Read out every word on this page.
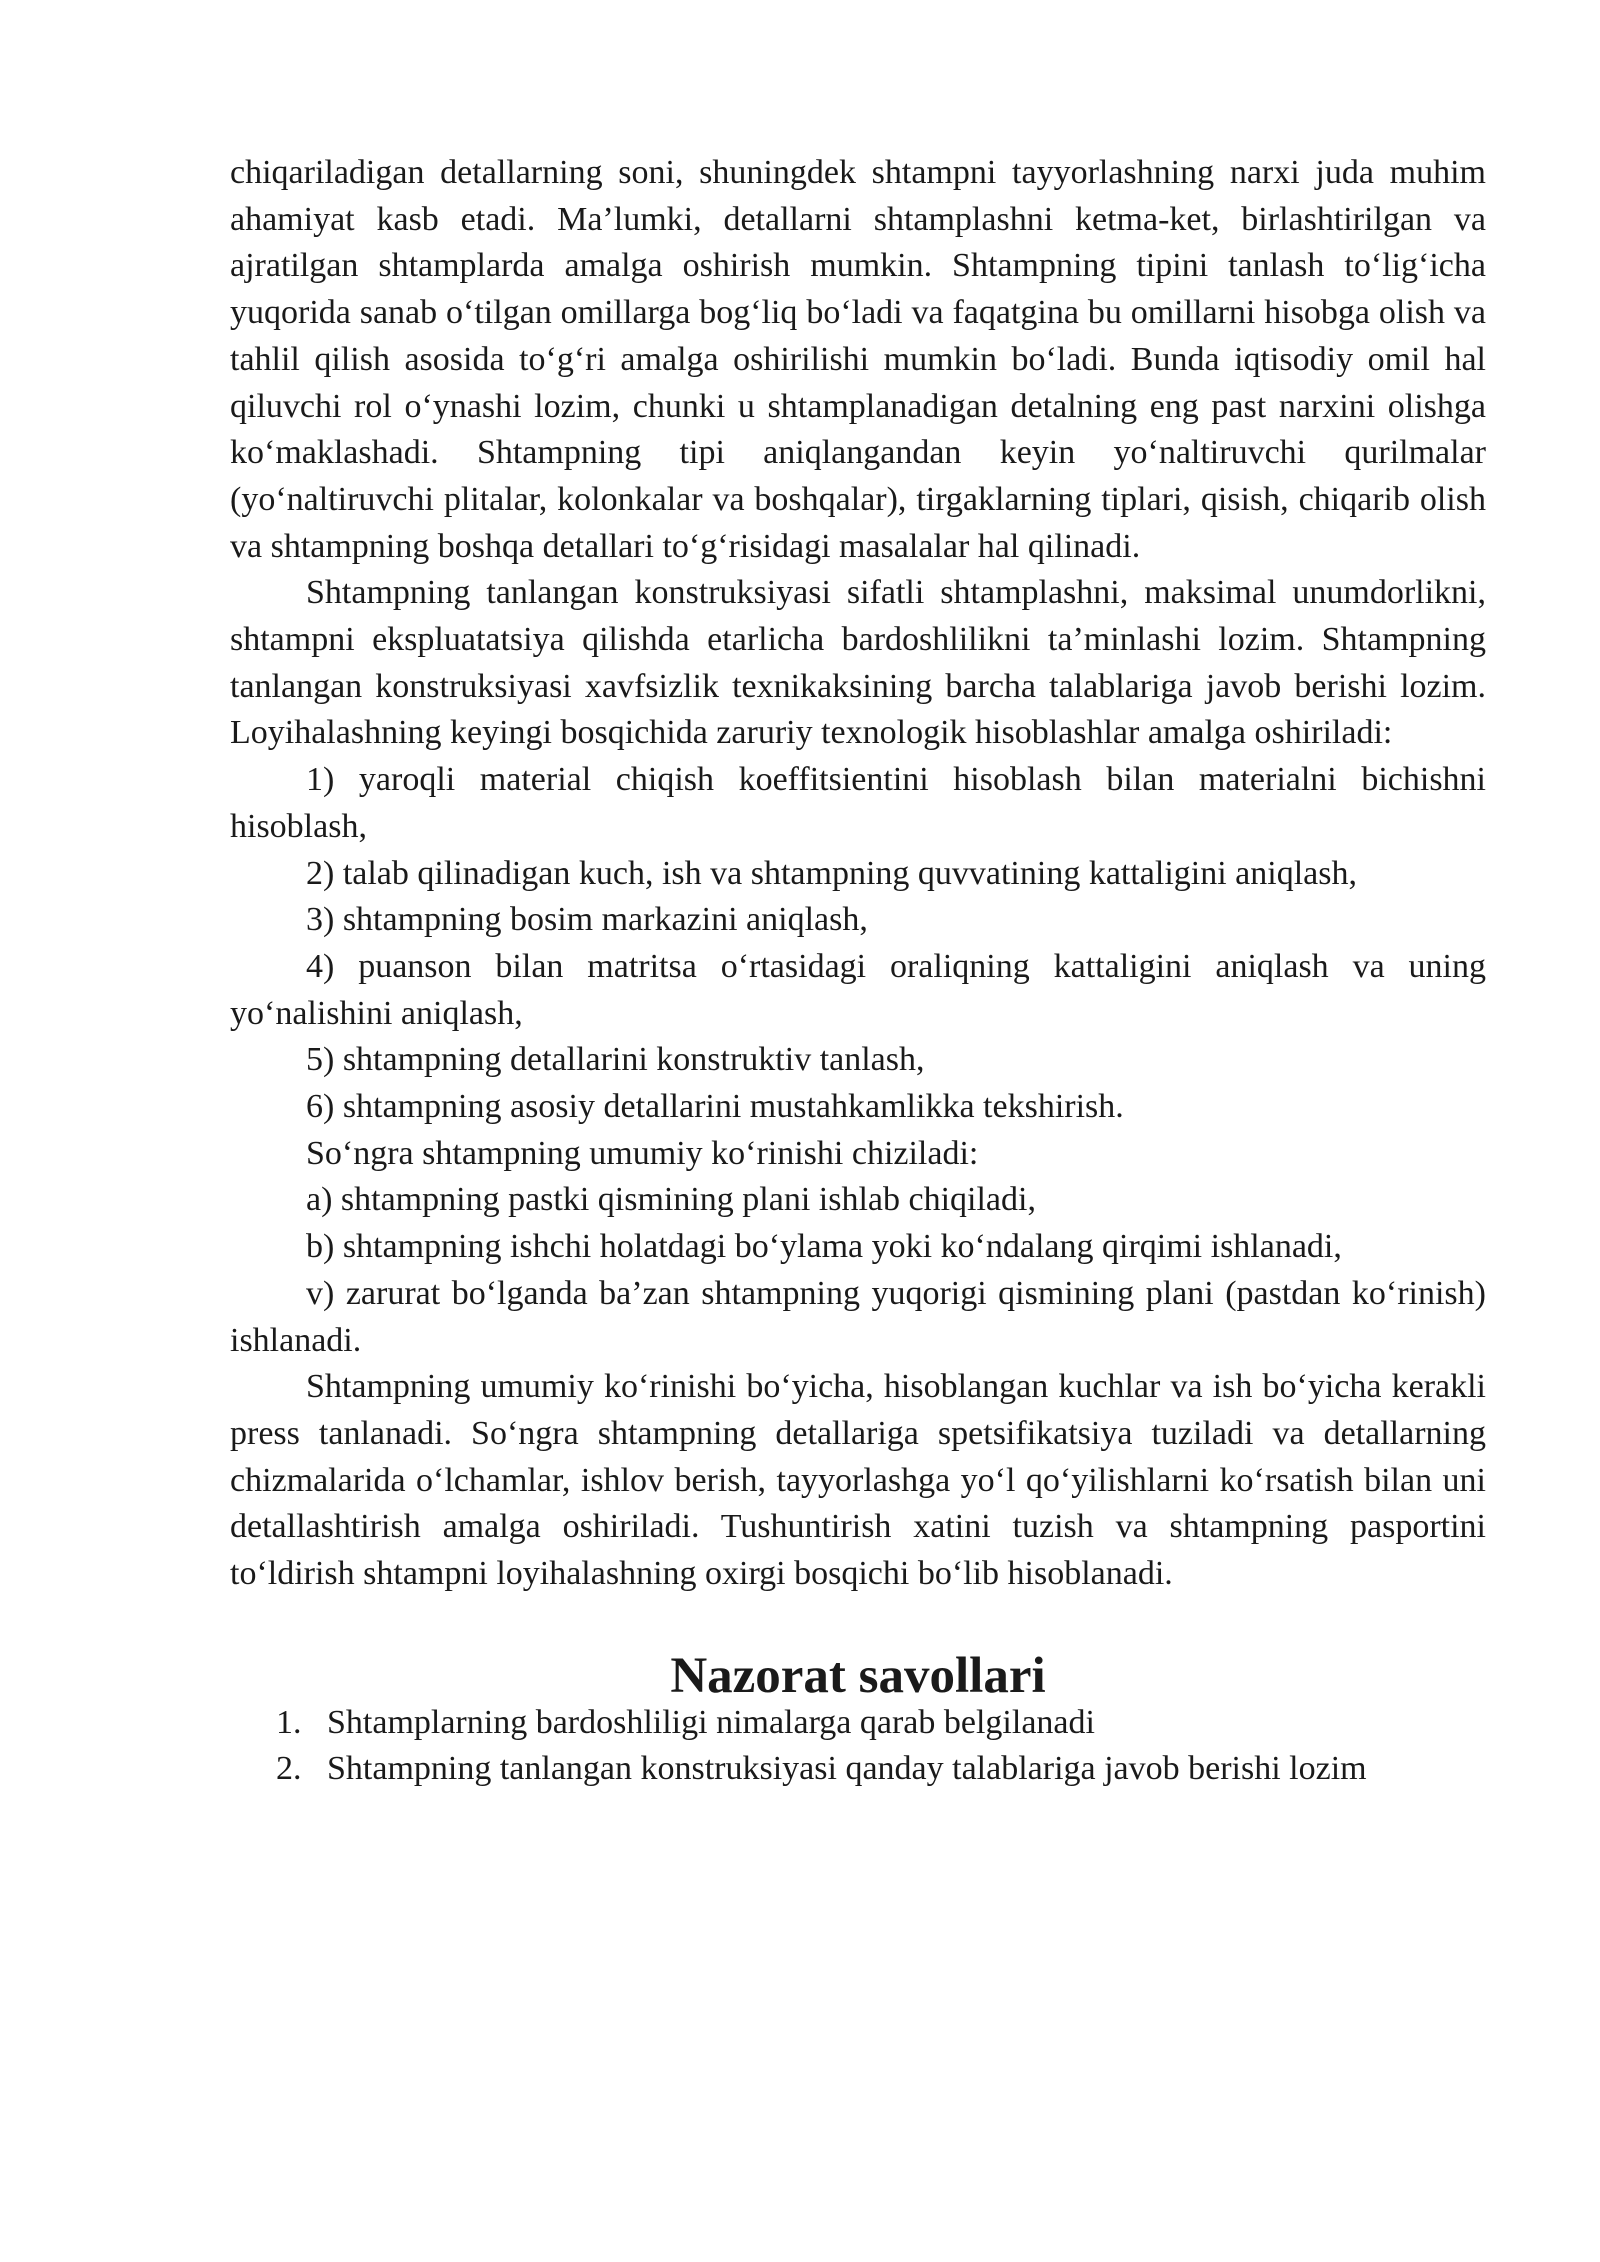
chiqariladigan detallarning soni, shuningdek shtampni tayyorlashning narxi juda muhim ahamiyat kasb etadi. Ma’lumki, detallarni shtamplashni ketma-ket, birlashtirilgan va ajratilgan shtamplarda amalga oshirish mumkin. Shtampning tipini tanlash to‘lig‘icha yuqorida sanab o‘tilgan omillarga bog‘liq bo‘ladi va faqatgina bu omillarni hisobga olish va tahlil qilish asosida to‘g‘ri amalga oshirilishi mumkin bo‘ladi. Bunda iqtisodiy omil hal qiluvchi rol o‘ynashi lozim, chunki u shtamplanadigan detalning eng past narxini olishga ko‘maklashadi. Shtampning tipi aniqlangandan keyin yo‘naltiruvchi qurilmalar (yo‘naltiruvchi plitalar, kolonkalar va boshqalar), tirgaklarning tiplari, qisish, chiqarib olish va shtampning boshqa detallari to‘g‘risidagi masalalar hal qilinadi.

Shtampning tanlangan konstruksiyasi sifatli shtamplashni, maksimal unumdorlikni, shtampni ekspluatatsiya qilishda etarlicha bardoshlilikni ta’minlashi lozim. Shtampning tanlangan konstruksiyasi xavfsizlik texnikaksining barcha talablariga javob berishi lozim. Loyihalashning keyingi bosqichida zaruriy texnologik hisoblashlar amalga oshiriladi:

1) yaroqli material chiqish koeffitsientini hisoblash bilan materialni bichishni hisoblash,

2) talab qilinadigan kuch, ish va shtampning quvvatining kattaligini aniqlash,

3) shtampning bosim markazini aniqlash,

4) puanson bilan matritsa o‘rtasidagi oraliqning kattaligini aniqlash va uning yo‘nalishini aniqlash,

5) shtampning detallarini konstruktiv tanlash,

6) shtampning asosiy detallarini mustahkamlikka tekshirish.

So‘ngra shtampning umumiy ko‘rinishi chiziladi:

a) shtampning pastki qismining plani ishlab chiqiladi,

b) shtampning ishchi holatdagi bo‘ylama yoki ko‘ndalang qirqimi ishlanadi,

v) zarurat bo‘lganda ba’zan shtampning yuqorigi qismining plani (pastdan ko‘rinish) ishlanadi.

Shtampning umumiy ko‘rinishi bo‘yicha, hisoblangan kuchlar va ish bo‘yicha kerakli press tanlanadi. So‘ngra shtampning detallariga spetsifikatsiya tuziladi va detallarning chizmalarida o‘lchamlar, ishlov berish, tayyorlashga yo‘l qo‘yilishlarni ko‘rsatish bilan uni detallashtirish amalga oshiriladi. Tushuntirish xatini tuzish va shtampning pasportini to‘ldirish shtampni loyihalashning oxirgi bosqichi bo‘lib hisoblanadi.

Nazorat savollari
1. Shtamplarning bardoshliligi nimalarga qarab belgilanadi
2. Shtampning tanlangan konstruksiyasi qanday talablariga javob berishi lozim
